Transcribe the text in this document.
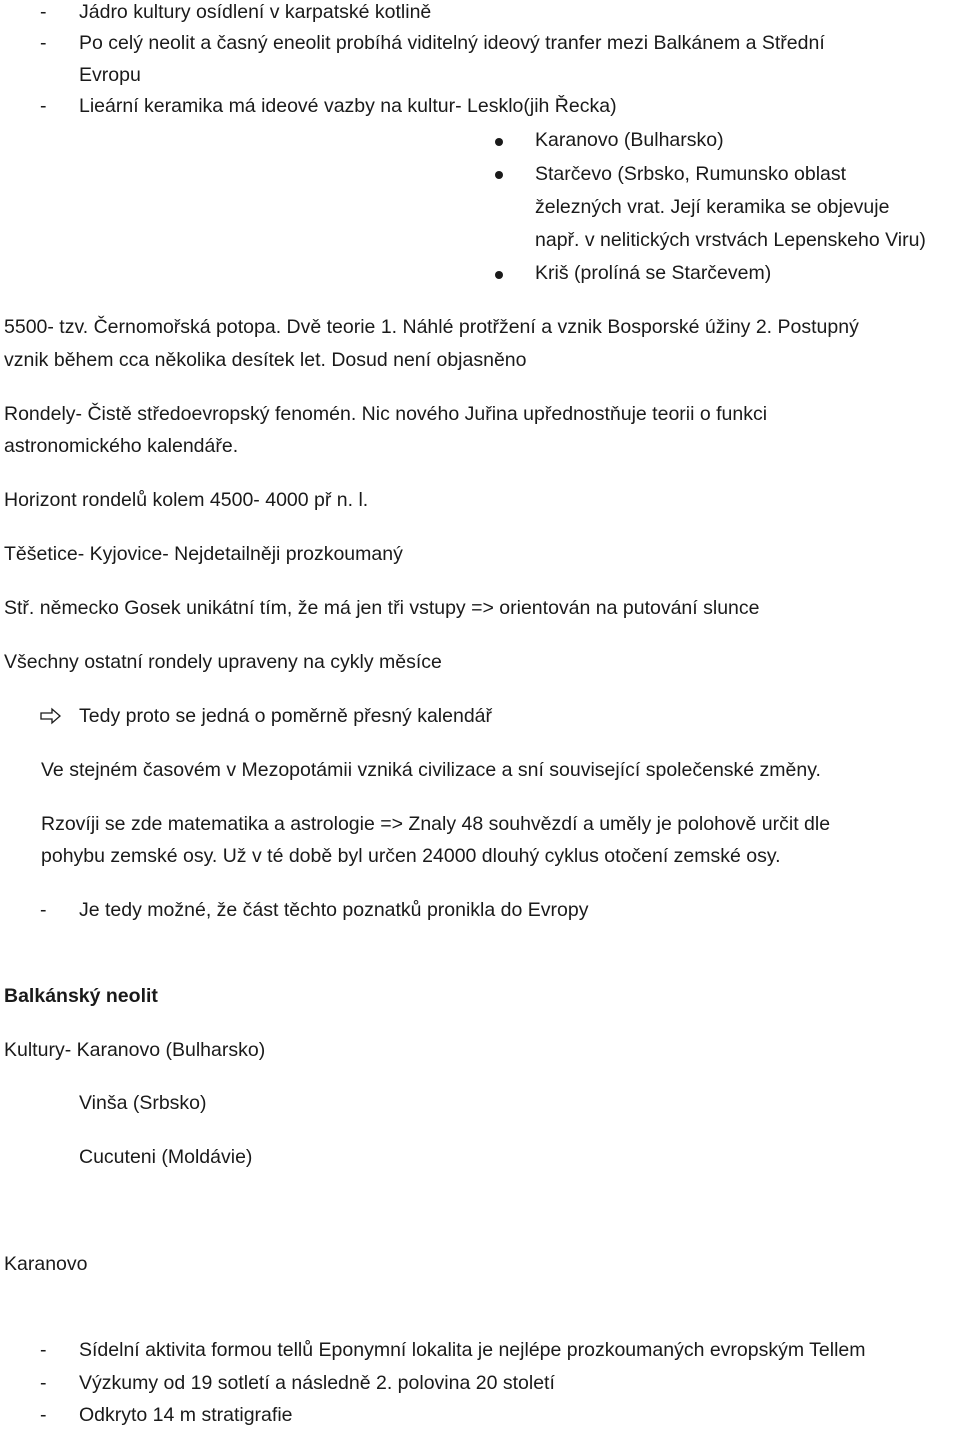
- Jádro kultury osídlení v karpatské kotlině
- Po celý neolit a časný eneolit probíhá viditelný ideový tranfer mezi Balkánem a Střední
Evropu
- Lieární keramika má ideové vazby na kultur- Lesklo(jih Řecka)
Karanovo (Bulharsko)
Starčevo (Srbsko, Rumunsko oblast
železných vrat. Její keramika se objevuje
např. v nelitických vrstvách Lepenskeho Viru)
Kriš (prolíná se Starčevem)
5500- tzv. Černomořská potopa. Dvě teorie 1. Náhlé protřžení a vznik Bosporské úžiny 2. Postupný
vznik během cca několika desítek let. Dosud není objasněno
Rondely- Čistě středoevropský fenomén. Nic nového Juřina upřednostňuje teorii o funkci
astronomického kalendáře.
Horizont rondelů kolem 4500- 4000 př n. l.
Těšetice- Kyjovice- Nejdetailněji prozkoumaný
Stř. německo Gosek unikátní tím, že má jen tři vstupy => orientován na putování slunce
Všechny ostatní rondely upraveny na cykly měsíce
Tedy proto se jedná o poměrně přesný kalendář
Ve stejném časovém v Mezopotámii vzniká civilizace a sní související společenské změny.
Rzovíji se zde matematika a astrologie => Znaly 48 souhvězdí a uměly je polohově určit dle
pohybu zemské osy. Už v té době byl určen 24000 dlouhý cyklus otočení zemské osy.
- Je tedy možné, že část těchto poznatků pronikla do Evropy
Balkánský neolit
Kultury- Karanovo (Bulharsko)
Vinša (Srbsko)
Cucuteni (Moldávie)
Karanovo
- Sídelní aktivita formou tellů Eponymní lokalita je nejlépe prozkoumaných evropským Tellem
- Výzkumy od 19 sotletí a následně 2. polovina 20 století
- Odkryto 14 m stratigrafie
